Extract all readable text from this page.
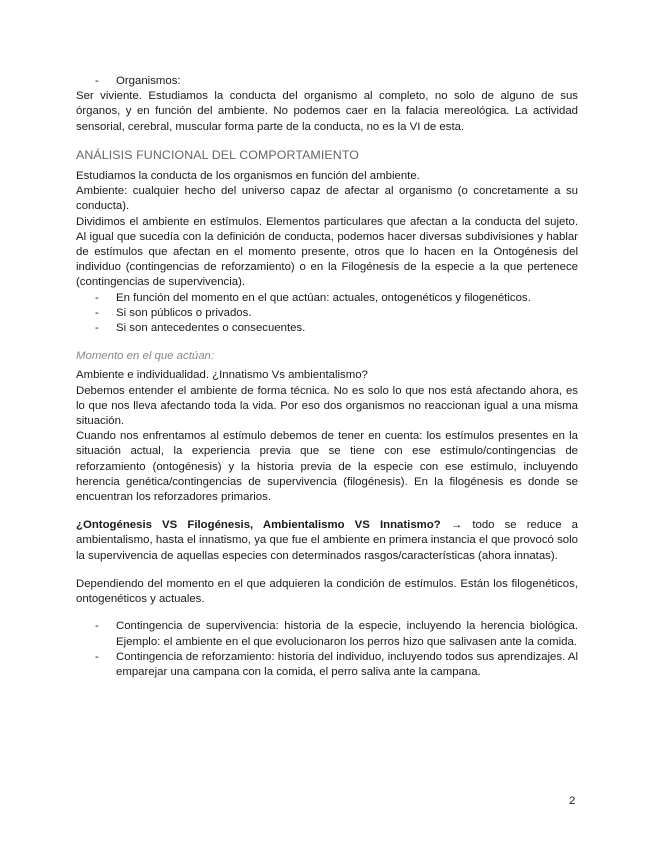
-	Organismos:

Ser viviente. Estudiamos la conducta del organismo al completo, no solo de alguno de sus órganos, y en función del ambiente. No podemos caer en la falacia mereológica. La actividad sensorial, cerebral, muscular forma parte de la conducta, no es la VI de esta.

ANÁLISIS FUNCIONAL DEL COMPORTAMIENTO

Estudiamos la conducta de los organismos en función del ambiente.

Ambiente: cualquier hecho del universo capaz de afectar al organismo (o concretamente a su conducta).

Dividimos el ambiente en estímulos. Elementos particulares que afectan a la conducta del sujeto. Al igual que sucedía con la definición de conducta, podemos hacer diversas subdivisiones y hablar de estímulos que afectan en el momento presente, otros que lo hacen en la Ontogénesis del individuo (contingencias de reforzamiento) o en la Filogénesis de la especie a la que pertenece (contingencias de supervivencia).

-	En función del momento en el que actúan: actuales, ontogenéticos y filogenéticos.
-	Si son públicos o privados.
-	Si son antecedentes o consecuentes.
Momento en el que actúan:

Ambiente e individualidad. ¿Innatismo Vs ambientalismo?

Debemos entender el ambiente de forma técnica. No es solo lo que nos está afectando ahora, es lo que nos lleva afectando toda la vida. Por eso dos organismos no reaccionan igual a una misma situación.

Cuando nos enfrentamos al estímulo debemos de tener en cuenta: los estímulos presentes en la situación actual, la experiencia previa que se tiene con ese estímulo/contingencias de reforzamiento (ontogénesis) y la historia previa de la especie con ese estímulo, incluyendo herencia genética/contingencias de supervivencia (filogénesis). En la filogénesis es donde se encuentran los reforzadores primarios.

¿Ontogénesis VS Filogénesis, Ambientalismo VS Innatismo? → todo se reduce a ambientalismo, hasta el innatismo, ya que fue el ambiente en primera instancia el que provocó solo la supervivencia de aquellas especies con determinados rasgos/características (ahora innatas).

Dependiendo del momento en el que adquieren la condición de estímulos. Están los filogenéticos, ontogenéticos y actuales.

-	Contingencia de supervivencia: historia de la especie, incluyendo la herencia biológica. Ejemplo: el ambiente en el que evolucionaron los perros hizo que salivasen ante la comida.
-	Contingencia de reforzamiento: historia del individuo, incluyendo todos sus aprendizajes. Al emparejar una campana con la comida, el perro saliva ante la campana.
2
